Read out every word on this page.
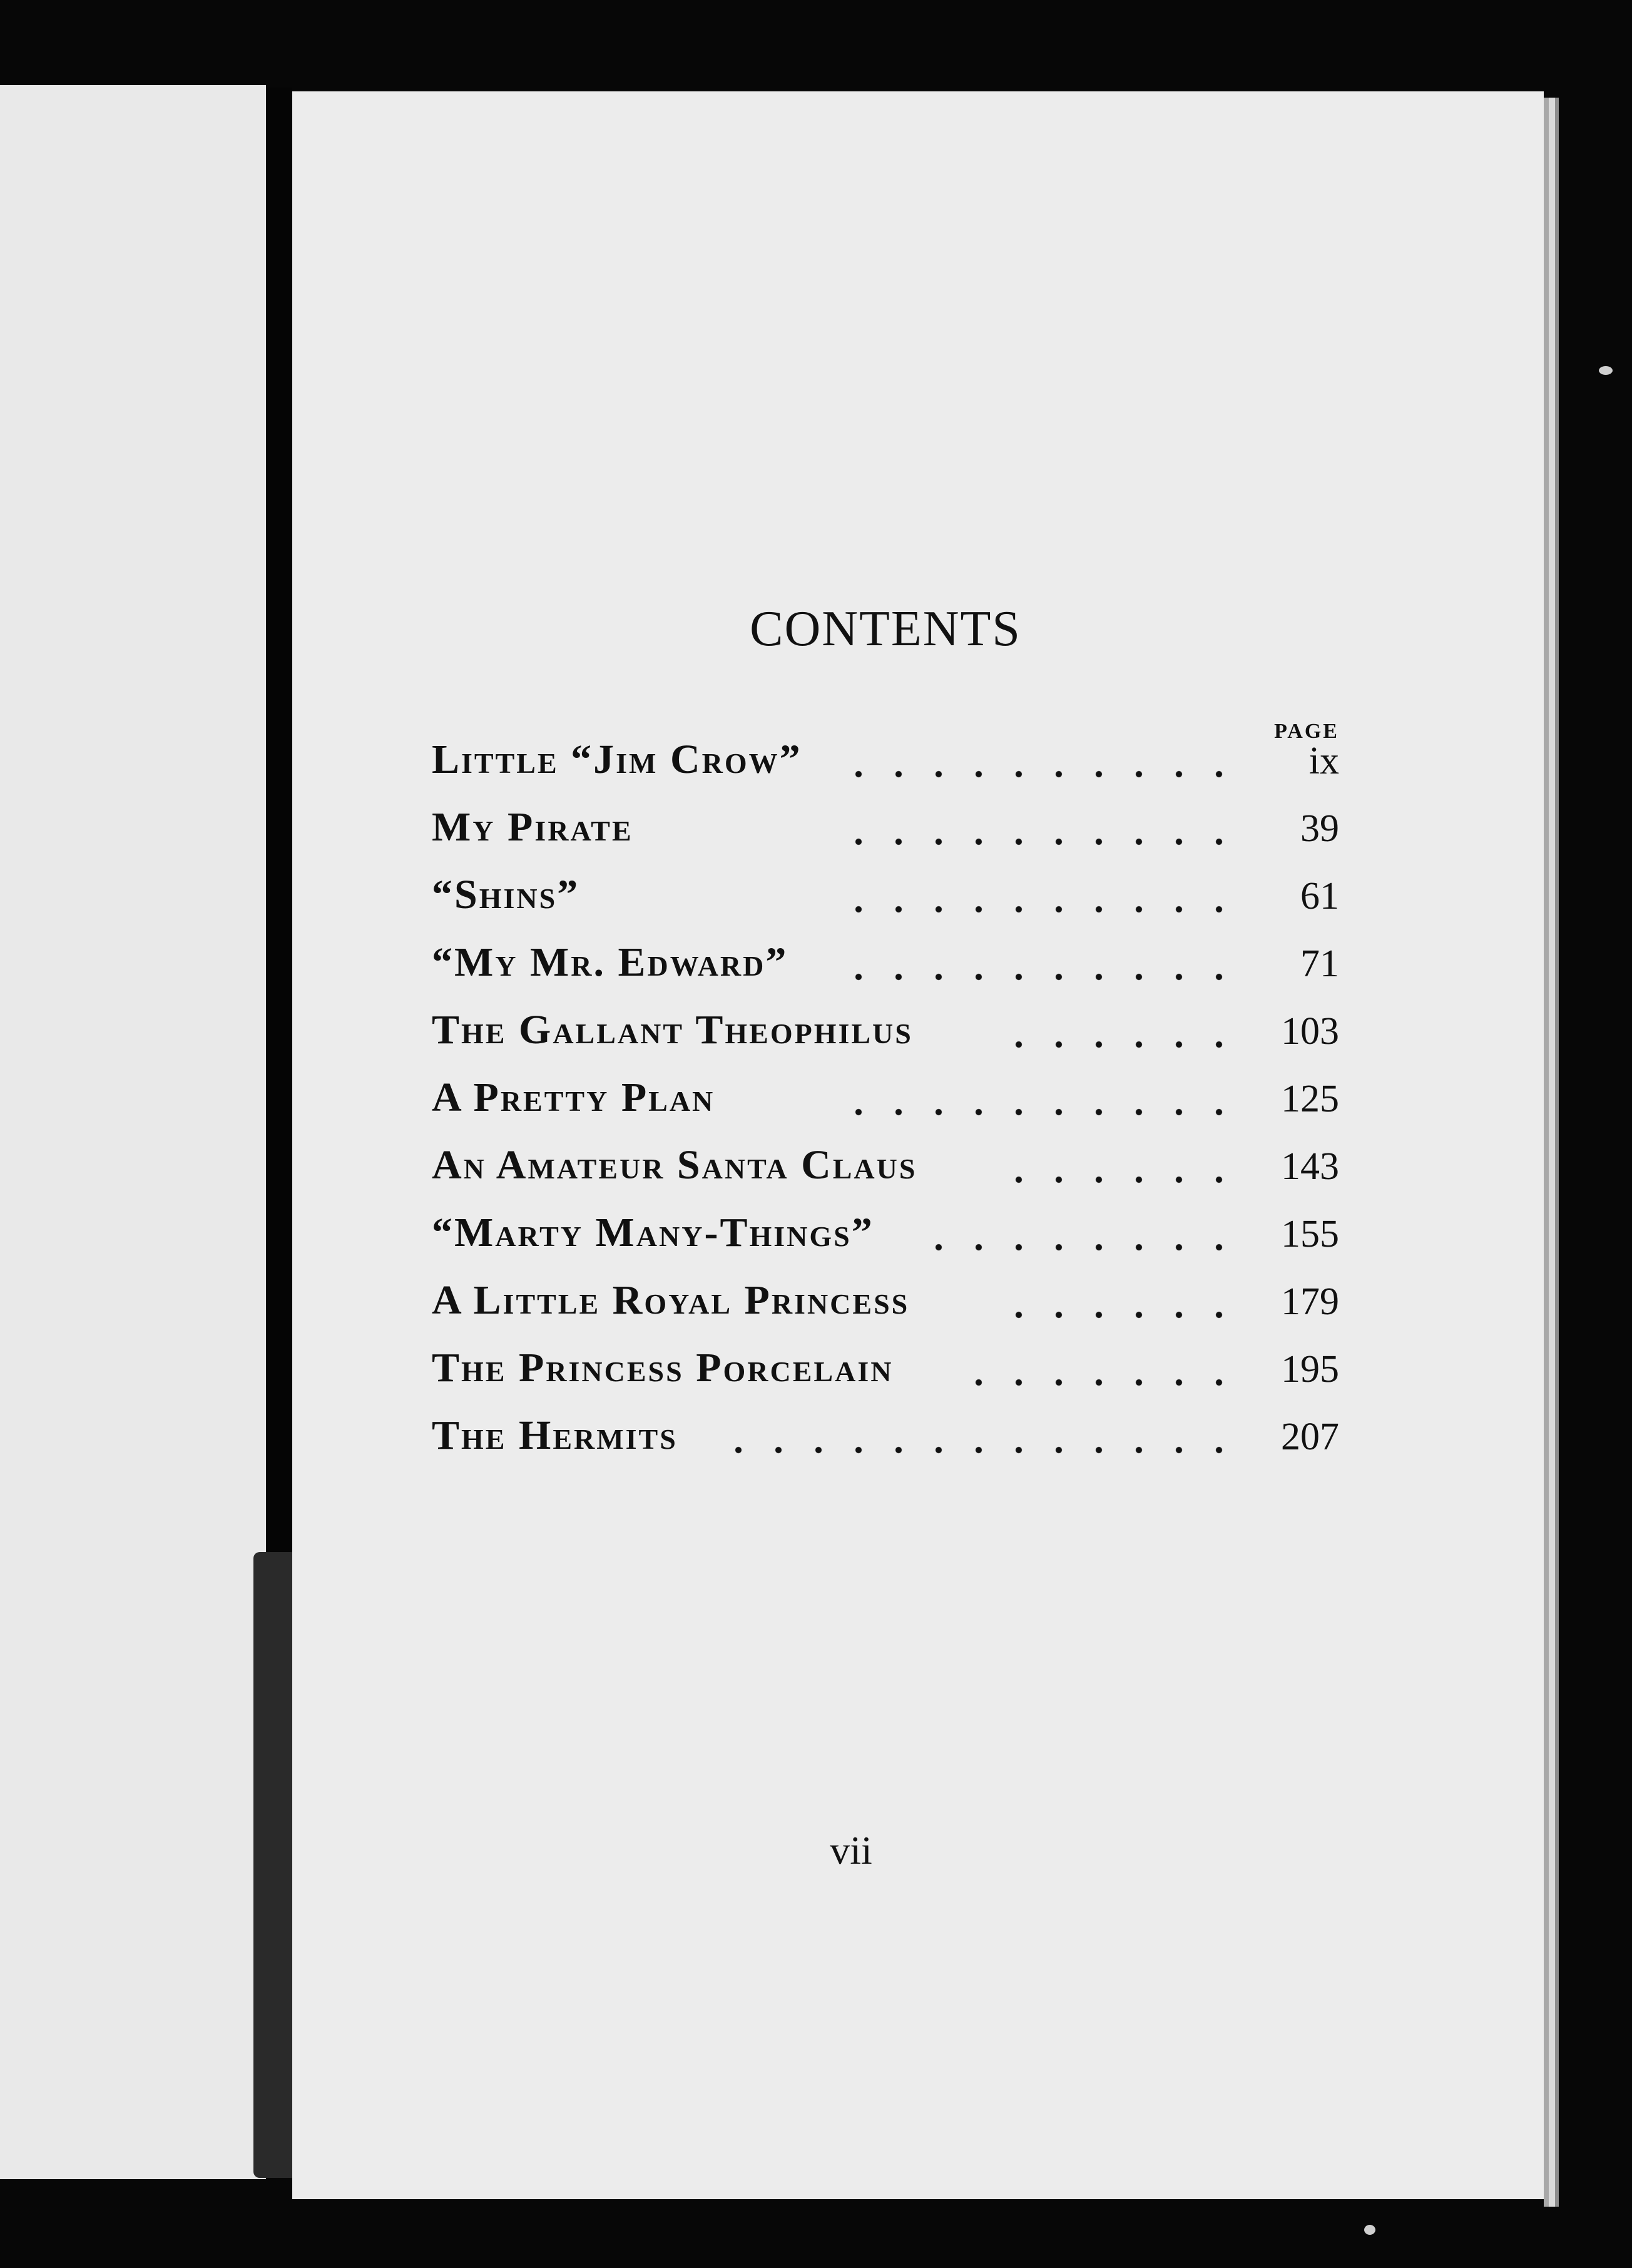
CONTENTS
PAGE
Little “Jim Crow”	ix
My Pirate	39
“Shins”	61
“My Mr. Edward”	71
The Gallant Theophilus	103
A Pretty Plan	125
An Amateur Santa Claus	143
“Marty Many-Things”	155
A Little Royal Princess	179
The Princess Porcelain	195
The Hermits	207
vii
